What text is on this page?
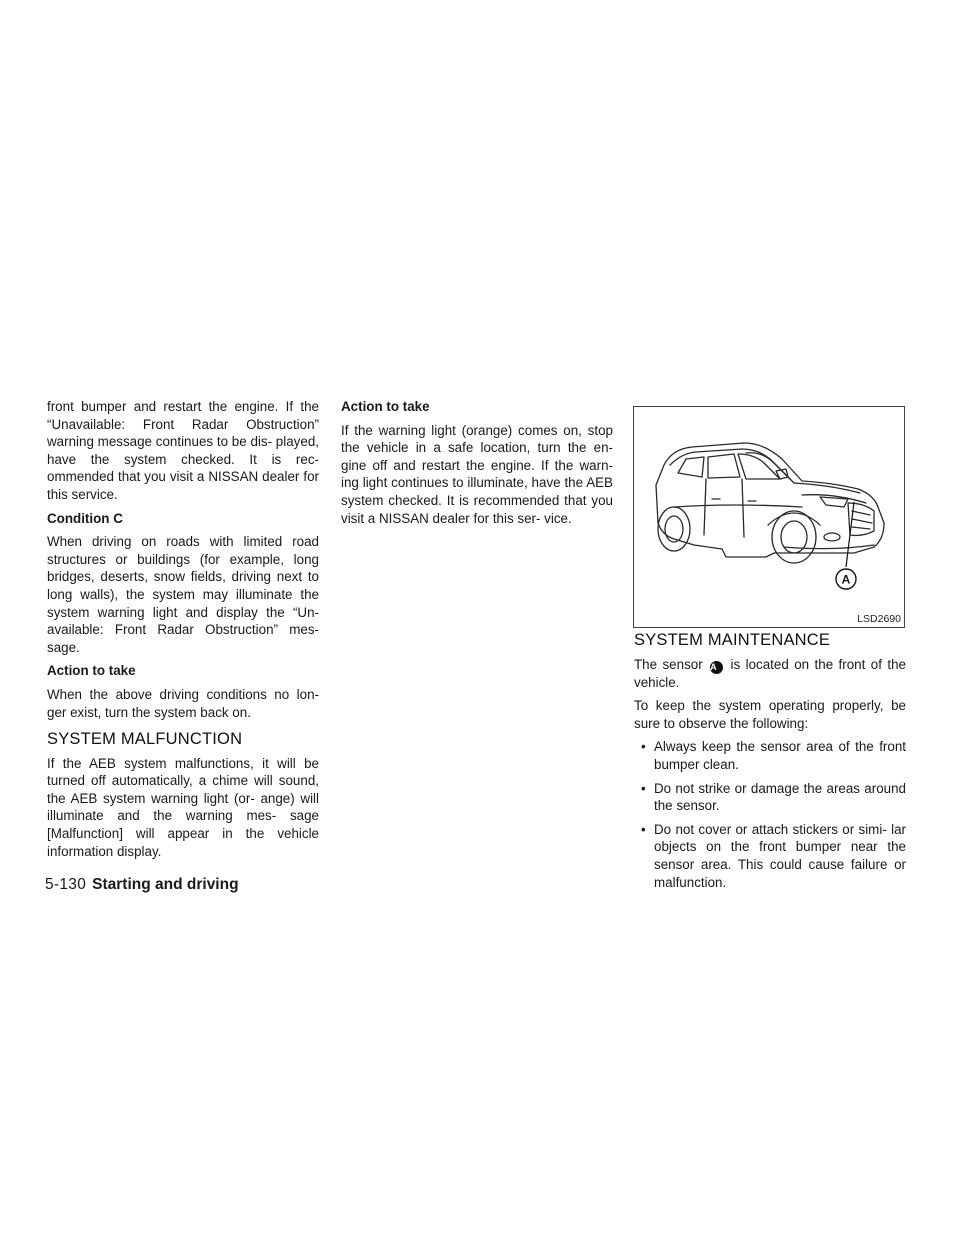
front bumper and restart the engine. If the “Unavailable: Front Radar Obstruction” warning message continues to be dis- played, have the system checked. It is rec- ommended that you visit a NISSAN dealer for this service.

Condition C

When driving on roads with limited road structures or buildings (for example, long bridges, deserts, snow fields, driving next to long walls), the system may illuminate the system warning light and display the “Un- available: Front Radar Obstruction” mes- sage.

Action to take

When the above driving conditions no lon- ger exist, turn the system back on.

SYSTEM MALFUNCTION

If the AEB system malfunctions, it will be turned off automatically, a chime will sound, the AEB system warning light (or- ange) will illuminate and the warning mes- sage [Malfunction] will appear in the vehicle information display.

Action to take

If the warning light (orange) comes on, stop the vehicle in a safe location, turn the en- gine off and restart the engine. If the warn- ing light continues to illuminate, have the AEB system checked. It is recommended that you visit a NISSAN dealer for this ser- vice.

A
LSD2690
SYSTEM MAINTENANCE

The sensor A is located on the front of the vehicle.

To keep the system operating properly, be sure to observe the following:

• Always keep the sensor area of the front bumper clean.
• Do not strike or damage the areas around the sensor.
• Do not cover or attach stickers or simi- lar objects on the front bumper near the sensor area. This could cause failure or malfunction.
5-130 Starting and driving
